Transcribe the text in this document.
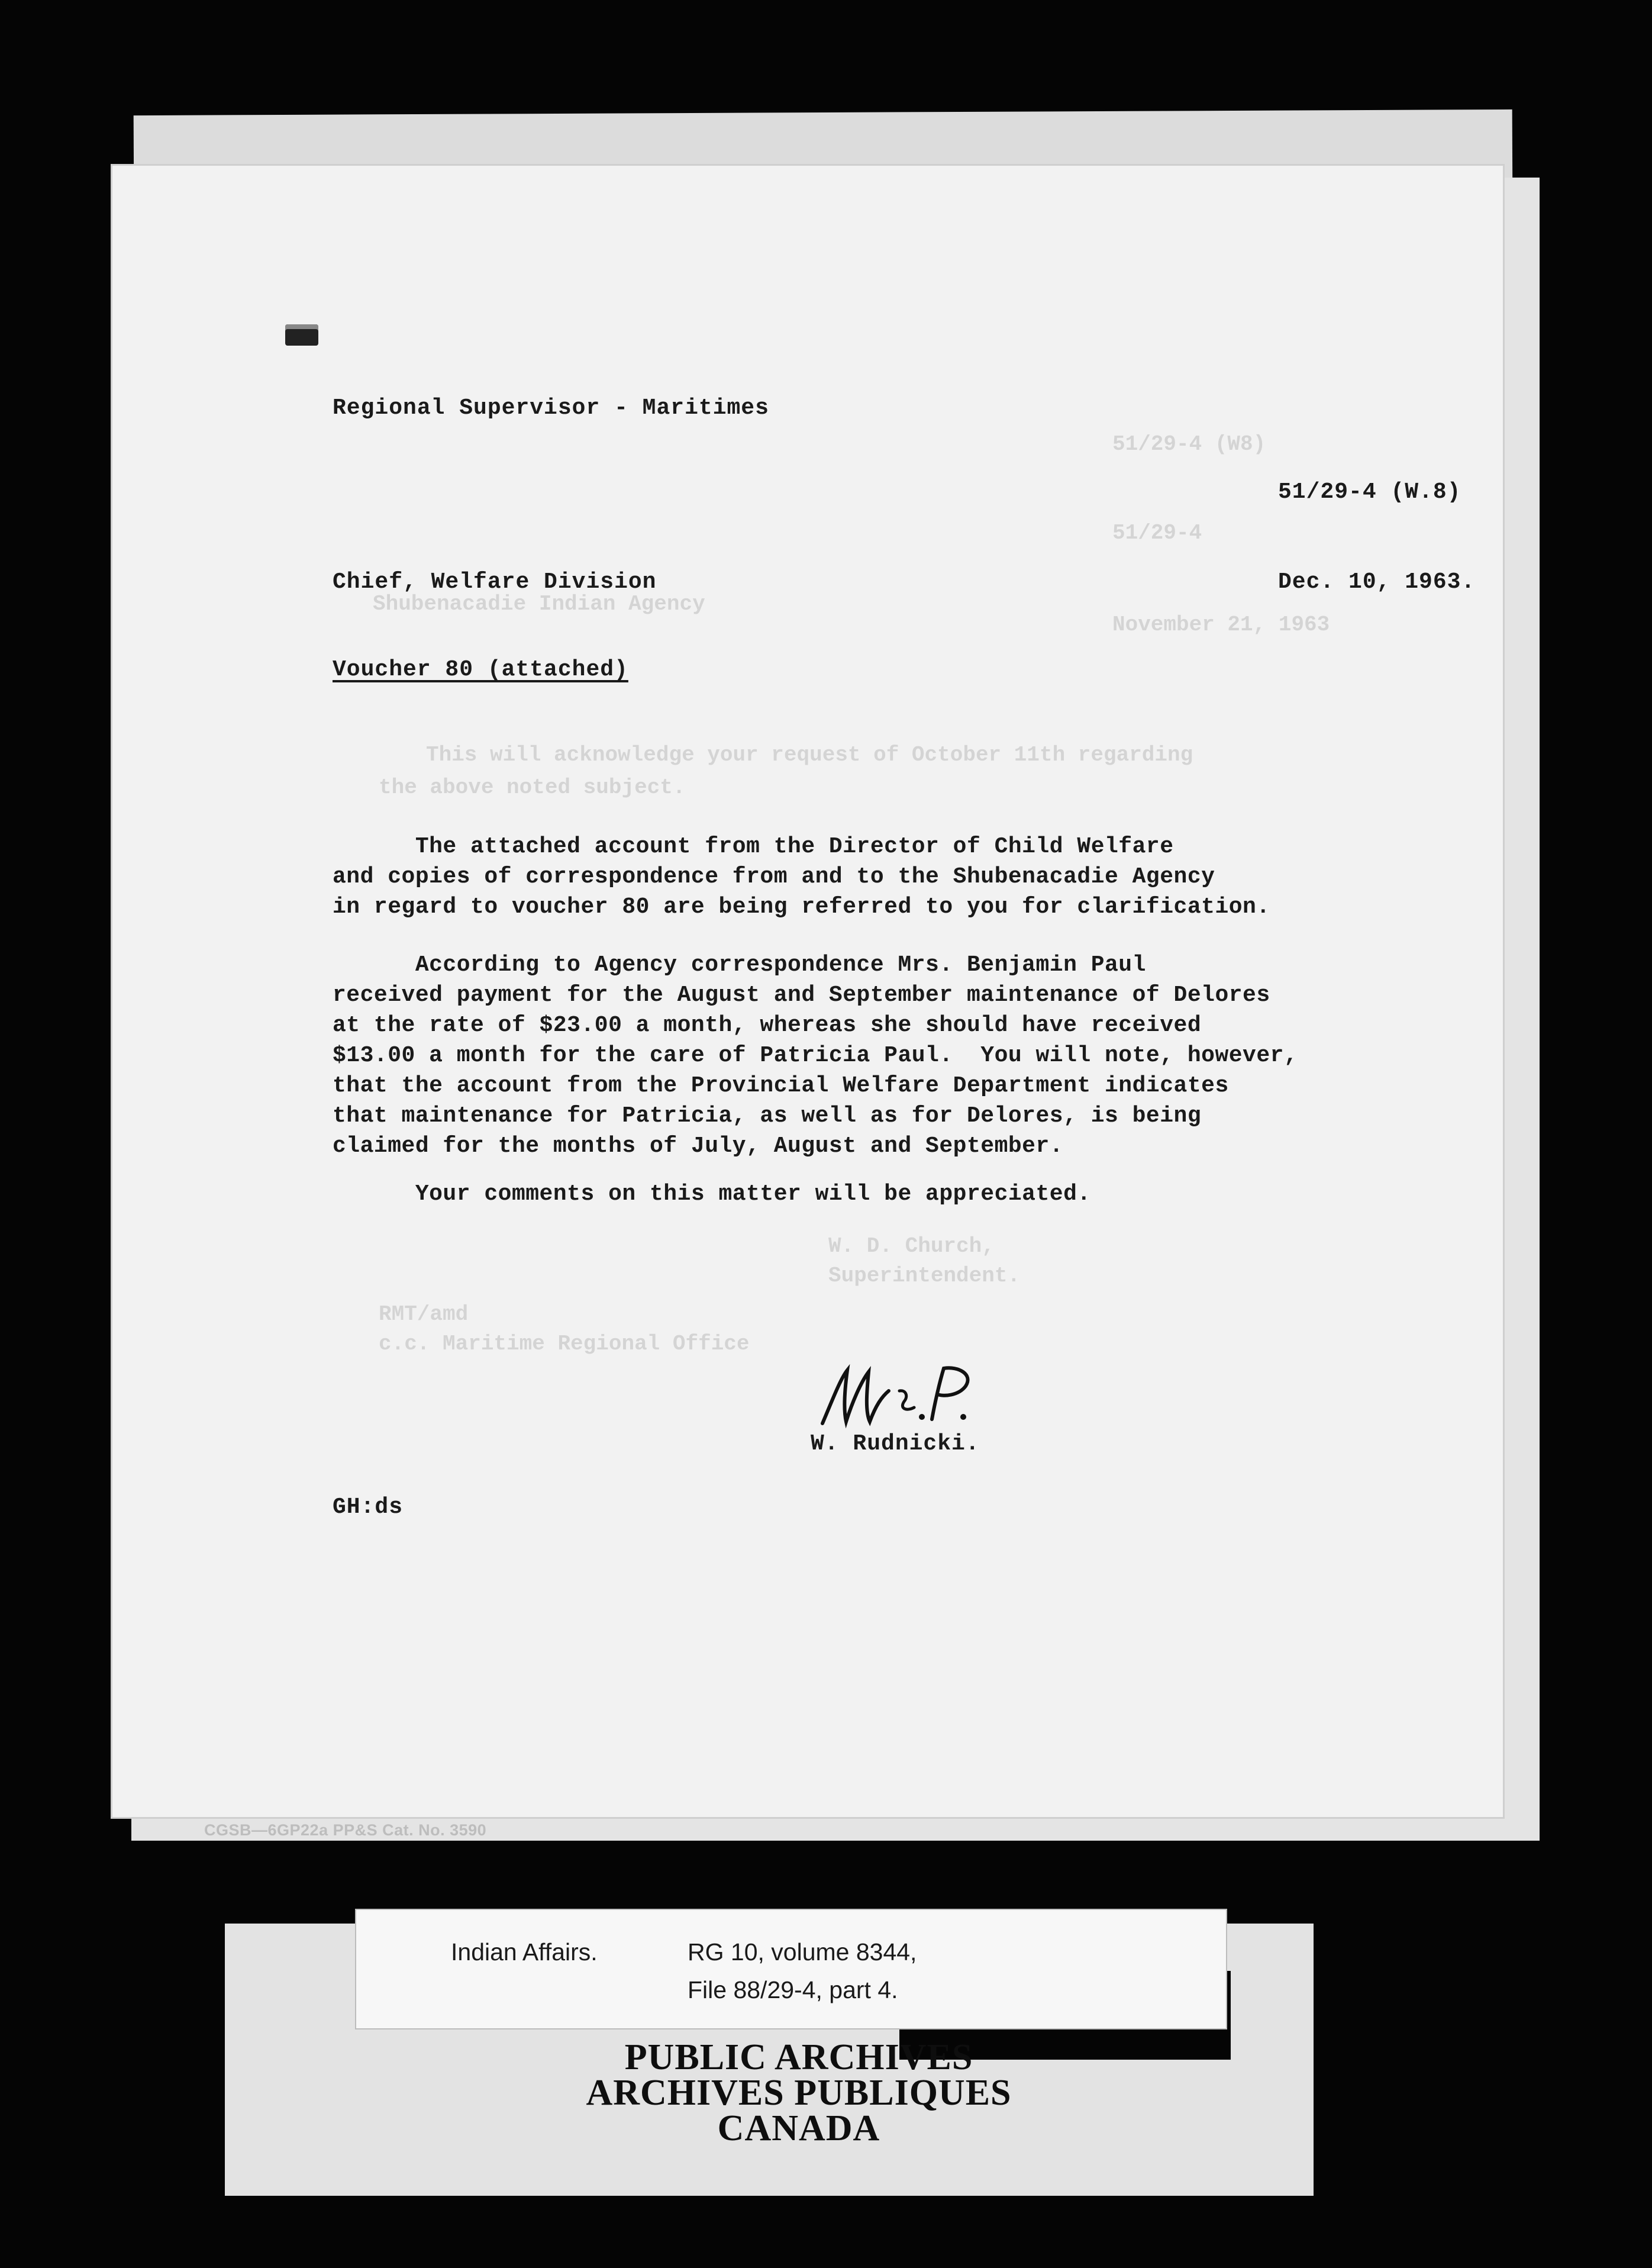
51/29-4 (W8)
51/29-4
Shubenacadie Indian Agency
November 21, 1963
This will acknowledge your request of October 11th regarding
the above noted subject.
W. D. Church,
Superintendent.
RMT/amd
c.c. Maritime Regional Office
Regional Supervisor - Maritimes
51/29-4 (W.8)
Chief, Welfare Division	Dec. 10, 1963.
Voucher 80 (attached)
The attached account from the Director of Child Welfare
and copies of correspondence from and to the Shubenacadie Agency
in regard to voucher 80 are being referred to you for clarification.
According to Agency correspondence Mrs. Benjamin Paul
received payment for the August and September maintenance of Delores
at the rate of $23.00 a month, whereas she should have received
$13.00 a month for the care of Patricia Paul.  You will note, however,
that the account from the Provincial Welfare Department indicates
that maintenance for Patricia, as well as for Delores, is being
claimed for the months of July, August and September.
Your comments on this matter will be appreciated.
W. Rudnicki.
GH:ds
CGSB—6GP22a PP&S Cat. No. 3590
Indian Affairs.	RG 10, volume 8344,
File 88/29-4, part 4.
PUBLIC ARCHIVES
ARCHIVES PUBLIQUES
CANADA
